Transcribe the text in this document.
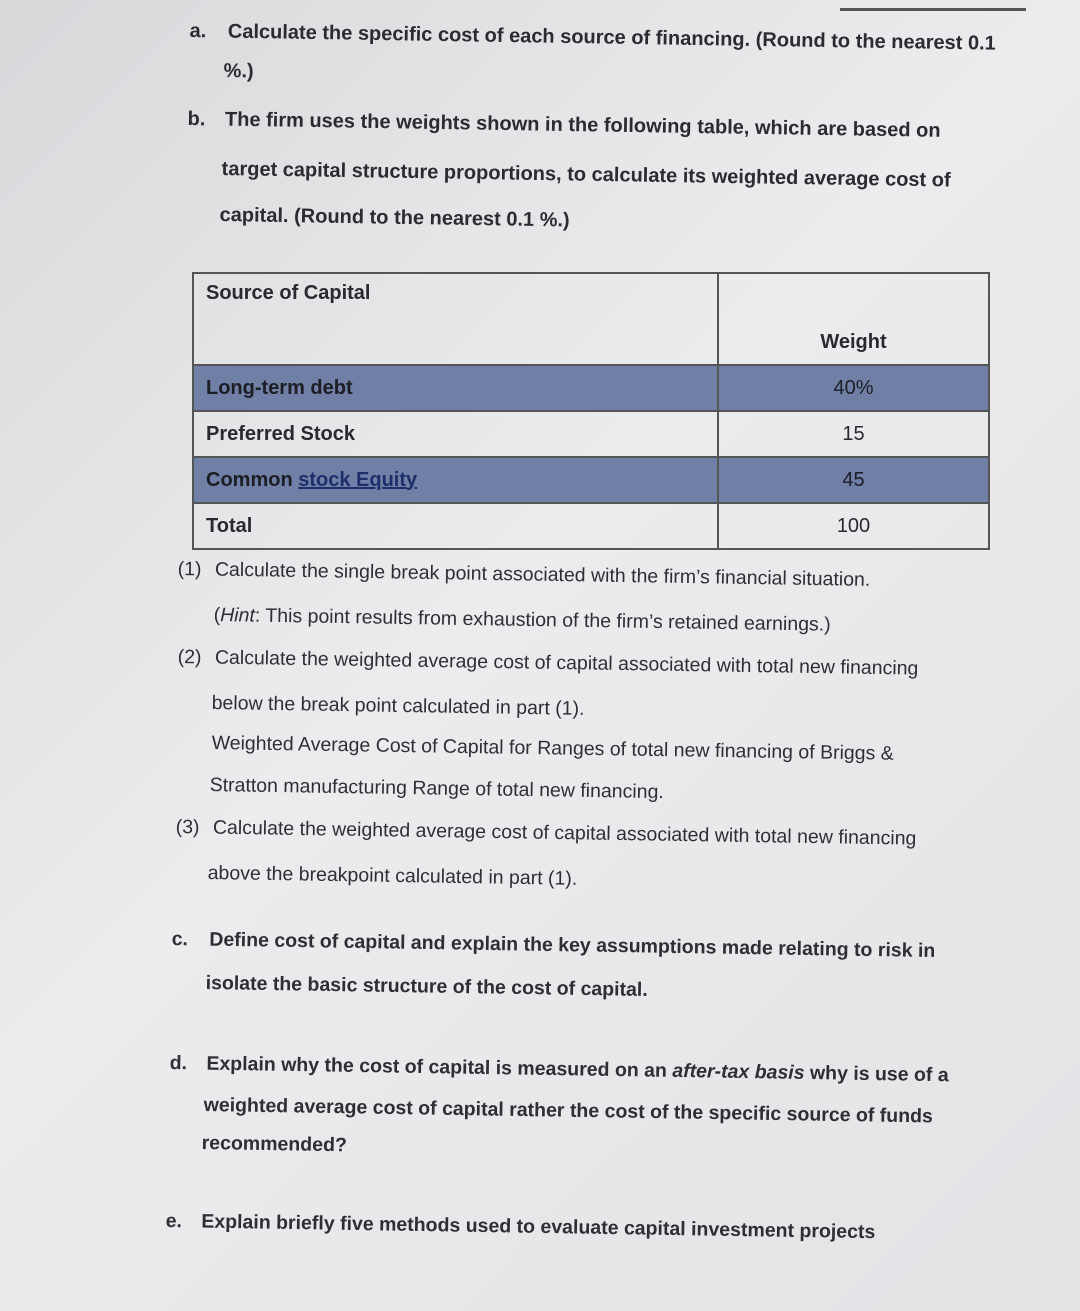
a. Calculate the specific cost of each source of financing. (Round to the nearest 0.1
%.)
b. The firm uses the weights shown in the following table, which are based on
target capital structure proportions, to calculate its weighted average cost of
capital. (Round to the nearest 0.1 %.)
Source of Capital	Weight
Long-term debt	40%
Preferred Stock	15
Common stock Equity	45
Total	100
(1) Calculate the single break point associated with the firm’s financial situation.
(Hint: This point results from exhaustion of the firm’s retained earnings.)
(2) Calculate the weighted average cost of capital associated with total new financing
below the break point calculated in part (1).
Weighted Average Cost of Capital for Ranges of total new financing of Briggs &
Stratton manufacturing Range of total new financing.
(3) Calculate the weighted average cost of capital associated with total new financing
above the breakpoint calculated in part (1).
c. Define cost of capital and explain the key assumptions made relating to risk in
isolate the basic structure of the cost of capital.
d. Explain why the cost of capital is measured on an after-tax basis why is use of a
weighted average cost of capital rather the cost of the specific source of funds
recommended?
e. Explain briefly five methods used to evaluate capital investment projects
